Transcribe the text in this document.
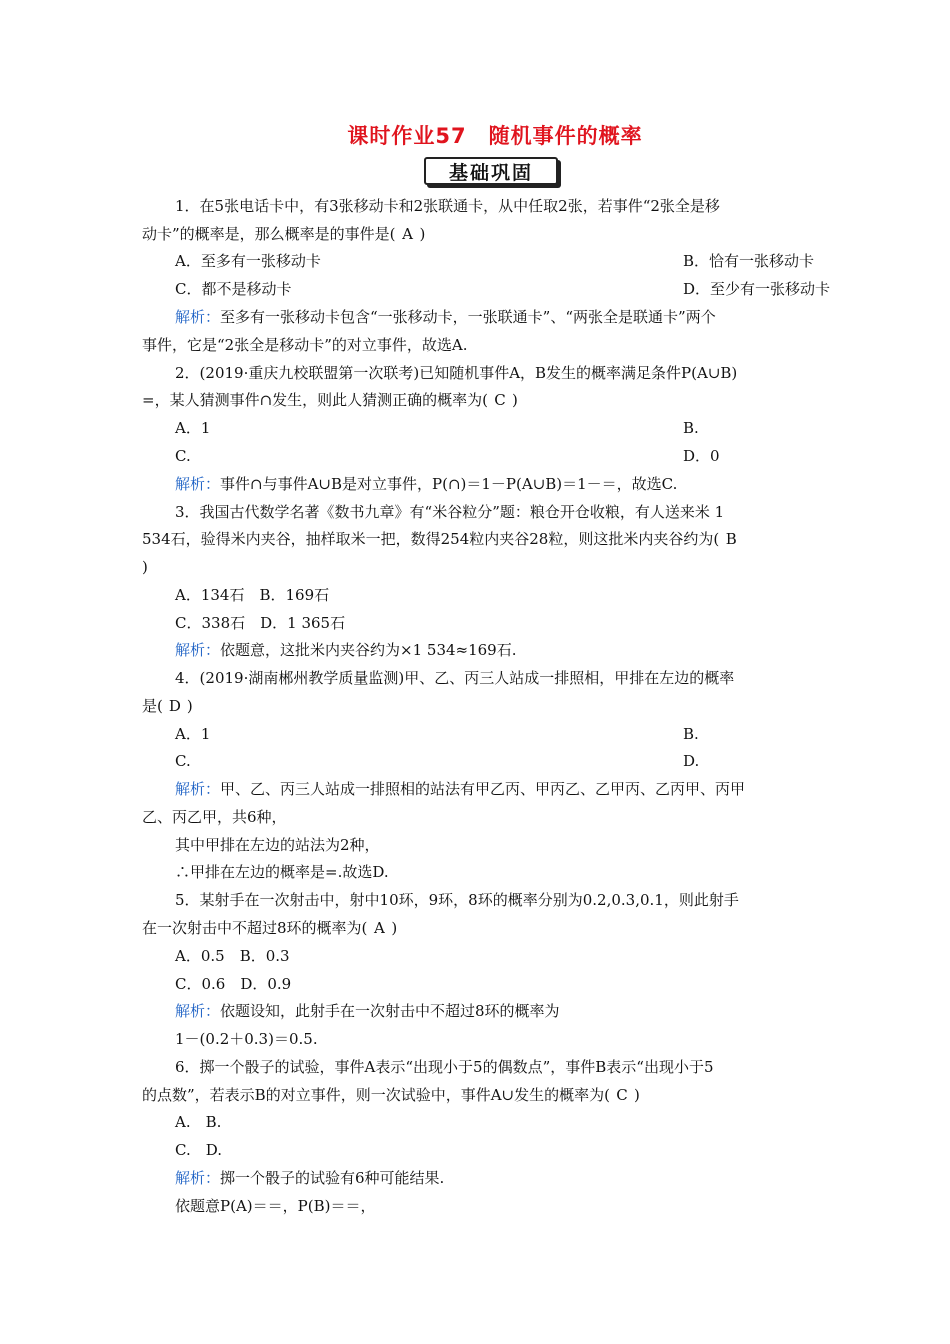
课时作业57　随机事件的概率
基础巩固
1．在5张电话卡中，有3张移动卡和2张联通卡，从中任取2张，若事件“2张全是移
动卡”的概率是，那么概率是的事件是( A )
A．至多有一张移动卡	B．恰有一张移动卡
C．都不是移动卡	D．至少有一张移动卡
解析：至多有一张移动卡包含“一张移动卡，一张联通卡”、“两张全是联通卡”两个
事件，它是“2张全是移动卡”的对立事件，故选A.
2．(2019·重庆九校联盟第一次联考)已知随机事件A，B发生的概率满足条件P(A∪B)
=，某人猜测事件∩发生，则此人猜测正确的概率为( C )
A．1	B.
C.	D．0
解析：事件∩与事件A∪B是对立事件，P(∩)＝1－P(A∪B)＝1－＝，故选C.
3．我国古代数学名著《数书九章》有“米谷粒分”题：粮仓开仓收粮，有人送来米 1
534石，验得米内夹谷，抽样取米一把，数得254粒内夹谷28粒，则这批米内夹谷约为( B
)
A．134石　B．169石
C．338石　D．1 365石
解析：依题意，这批米内夹谷约为×1 534≈169石.
4．(2019·湖南郴州教学质量监测)甲、乙、丙三人站成一排照相，甲排在左边的概率
是( D )
A．1	B.
C.	D.
解析：甲、乙、丙三人站成一排照相的站法有甲乙丙、甲丙乙、乙甲丙、乙丙甲、丙甲
乙、丙乙甲，共6种，
其中甲排在左边的站法为2种，
∴甲排在左边的概率是=.故选D.
5．某射手在一次射击中，射中10环，9环，8环的概率分别为0.2,0.3,0.1，则此射手
在一次射击中不超过8环的概率为( A )
A．0.5　B．0.3
C．0.6　D．0.9
解析：依题设知，此射手在一次射击中不超过8环的概率为
1－(0.2＋0.3)＝0.5.
6．掷一个骰子的试验，事件A表示“出现小于5的偶数点”，事件B表示“出现小于5
的点数”，若表示B的对立事件，则一次试验中，事件A∪发生的概率为( C )
A.　B.
C.　D.
解析：掷一个骰子的试验有6种可能结果.
依题意P(A)＝＝，P(B)＝＝，
